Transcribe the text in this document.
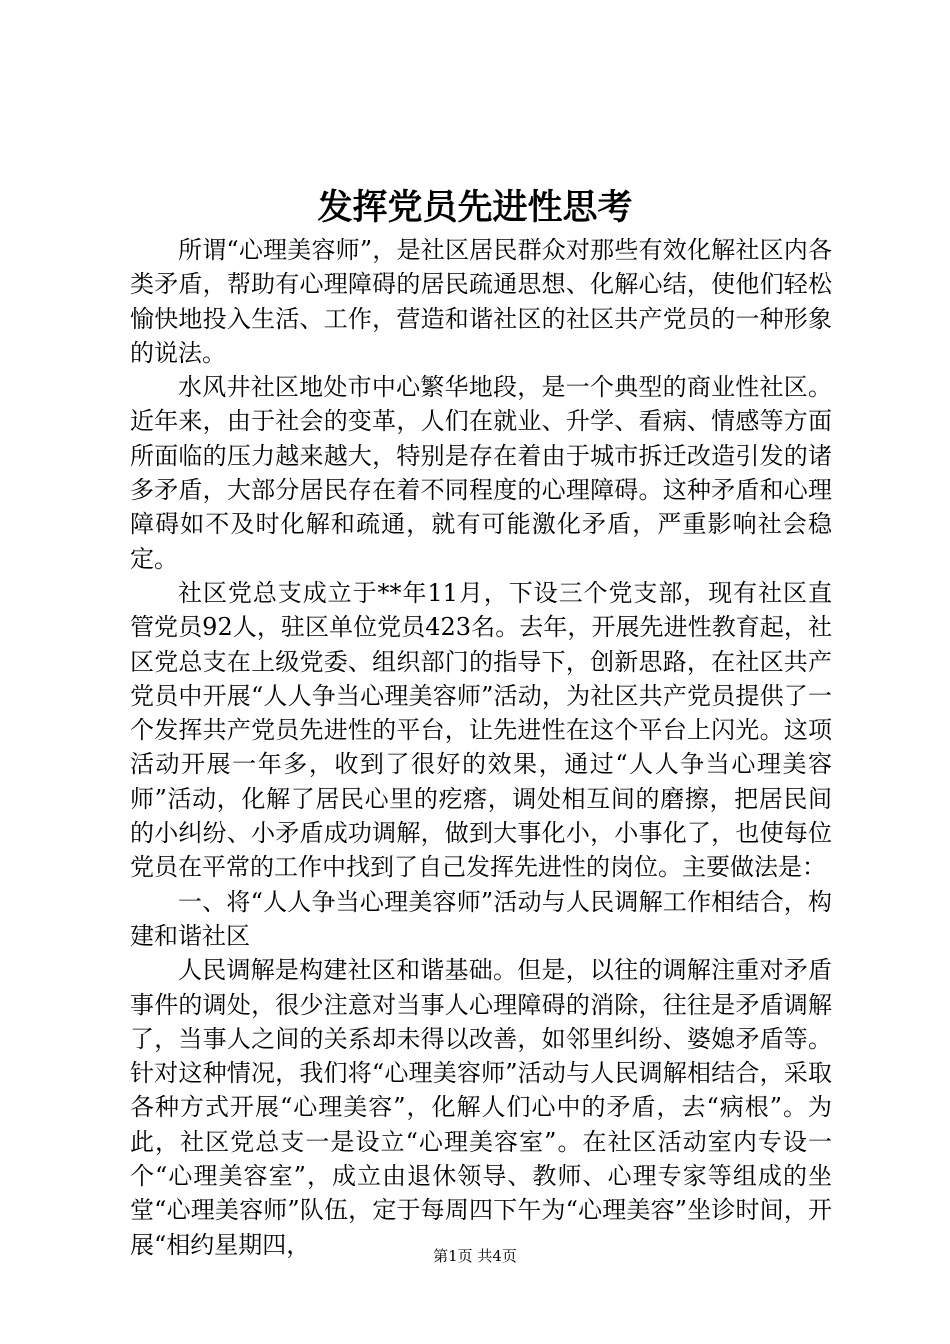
发挥党员先进性思考

所谓“心理美容师”，是社区居民群众对那些有效化解社区内各类矛盾，帮助有心理障碍的居民疏通思想、化解心结，使他们轻松愉快地投入生活、工作，营造和谐社区的社区共产党员的一种形象的说法。

水风井社区地处市中心繁华地段，是一个典型的商业性社区。近年来，由于社会的变革，人们在就业、升学、看病、情感等方面所面临的压力越来越大，特别是存在着由于城市拆迁改造引发的诸多矛盾，大部分居民存在着不同程度的心理障碍。这种矛盾和心理障碍如不及时化解和疏通，就有可能激化矛盾，严重影响社会稳定。

社区党总支成立于**年11月，下设三个党支部，现有社区直管党员92人，驻区单位党员423名。去年，开展先进性教育起，社区党总支在上级党委、组织部门的指导下，创新思路，在社区共产党员中开展“人人争当心理美容师”活动，为社区共产党员提供了一个发挥共产党员先进性的平台，让先进性在这个平台上闪光。这项活动开展一年多，收到了很好的效果，通过“人人争当心理美容师”活动，化解了居民心里的疙瘩，调处相互间的磨擦，把居民间的小纠纷、小矛盾成功调解，做到大事化小，小事化了，也使每位党员在平常的工作中找到了自己发挥先进性的岗位。主要做法是：

一、将“人人争当心理美容师”活动与人民调解工作相结合，构建和谐社区

人民调解是构建社区和谐基础。但是，以往的调解注重对矛盾事件的调处，很少注意对当事人心理障碍的消除，往往是矛盾调解了，当事人之间的关系却未得以改善，如邻里纠纷、婆媳矛盾等。针对这种情况，我们将“心理美容师”活动与人民调解相结合，采取各种方式开展“心理美容”，化解人们心中的矛盾，去“病根”。为此，社区党总支一是设立“心理美容室”。在社区活动室内专设一个“心理美容室”，成立由退休领导、教师、心理专家等组成的坐堂“心理美容师”队伍，定于每周四下午为“心理美容”坐诊时间，开展“相约星期四，	第1页 共4页
